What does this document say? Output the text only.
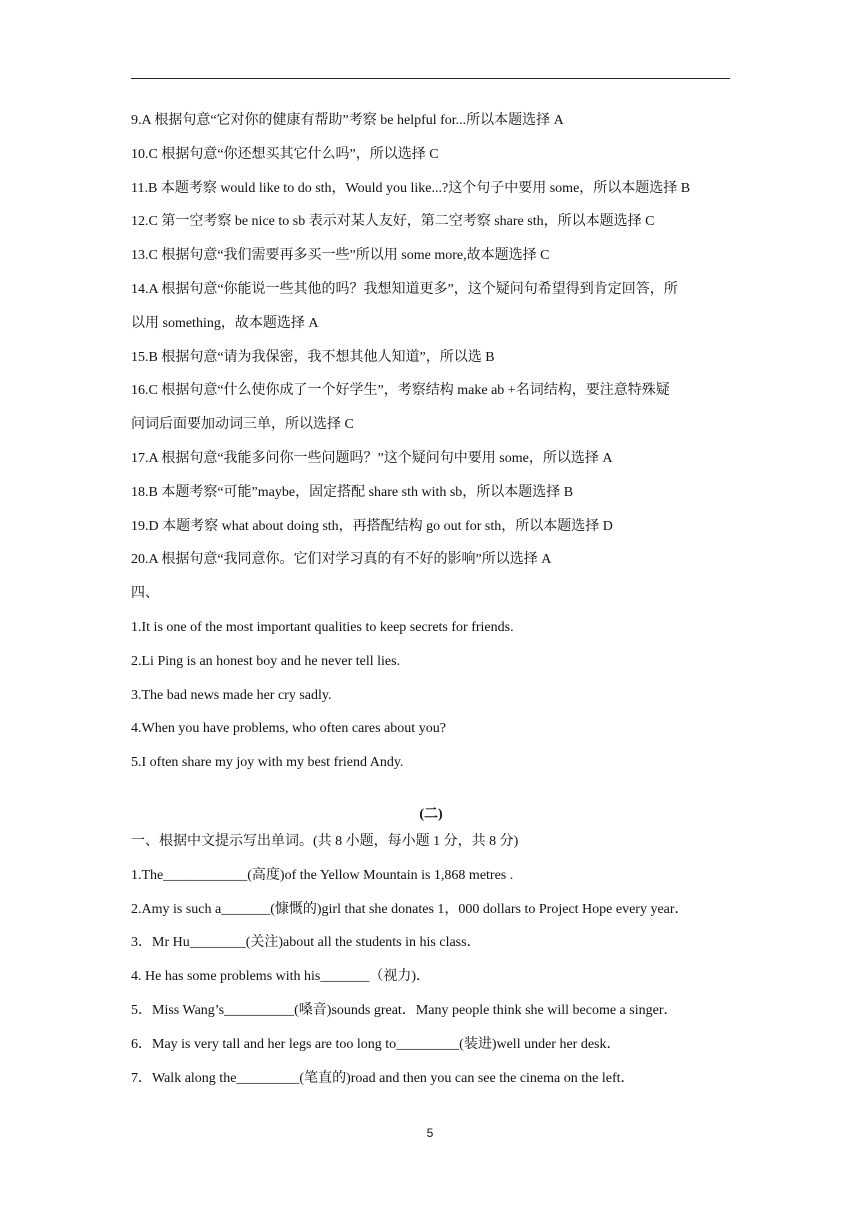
9.A 根据句意“它对你的健康有帮助”考察 be helpful for...所以本题选择 A
10.C 根据句意“你还想买其它什么吗”，所以选择 C
11.B 本题考察 would like to do sth，Would you like...?这个句子中要用 some，所以本题选择 B
12.C 第一空考察 be nice to sb 表示对某人友好，第二空考察 share sth，所以本题选择 C
13.C 根据句意“我们需要再多买一些”所以用 some more,故本题选择 C
14.A 根据句意“你能说一些其他的吗？我想知道更多”，这个疑问句希望得到肯定回答，所
以用 something，故本题选择 A
15.B 根据句意“请为我保密，我不想其他人知道”，所以选 B
16.C 根据句意“什么使你成了一个好学生”，考察结构 make ab +名词结构，要注意特殊疑
问词后面要加动词三单，所以选择 C
17.A 根据句意“我能多问你一些问题吗？”这个疑问句中要用 some，所以选择 A
18.B 本题考察“可能”maybe，固定搭配 share sth with sb，所以本题选择 B
19.D 本题考察 what about doing sth，再搭配结构 go out for sth，所以本题选择 D
20.A 根据句意“我同意你。它们对学习真的有不好的影响”所以选择 A
四、
1.It is one of the most important qualities to keep secrets for friends.
2.Li Ping is an honest boy and he never tell lies.
3.The bad news made her cry sadly.
4.When you have problems, who often cares about you?
5.I often share my joy with my best friend Andy.
(二)
一、根据中文提示写出单词。(共 8 小题，每小题 1 分，共 8 分)
1.The____________(高度)of the Yellow Mountain is 1,868 metres .
2.Amy is such a_______(慷慨的)girl that she donates 1，000 dollars to Project Hope every year．
3．Mr Hu________(关注)about all the students in his class．
4. He has some problems with his_______（视力)．
5．Miss Wang’s__________(嗓音)sounds great．Many people think she will become a singer．
6．May is very tall and her legs are too long to_________(装进)well under her desk．
7．Walk along the_________(笔直的)road and then you can see the cinema on the left．
5
